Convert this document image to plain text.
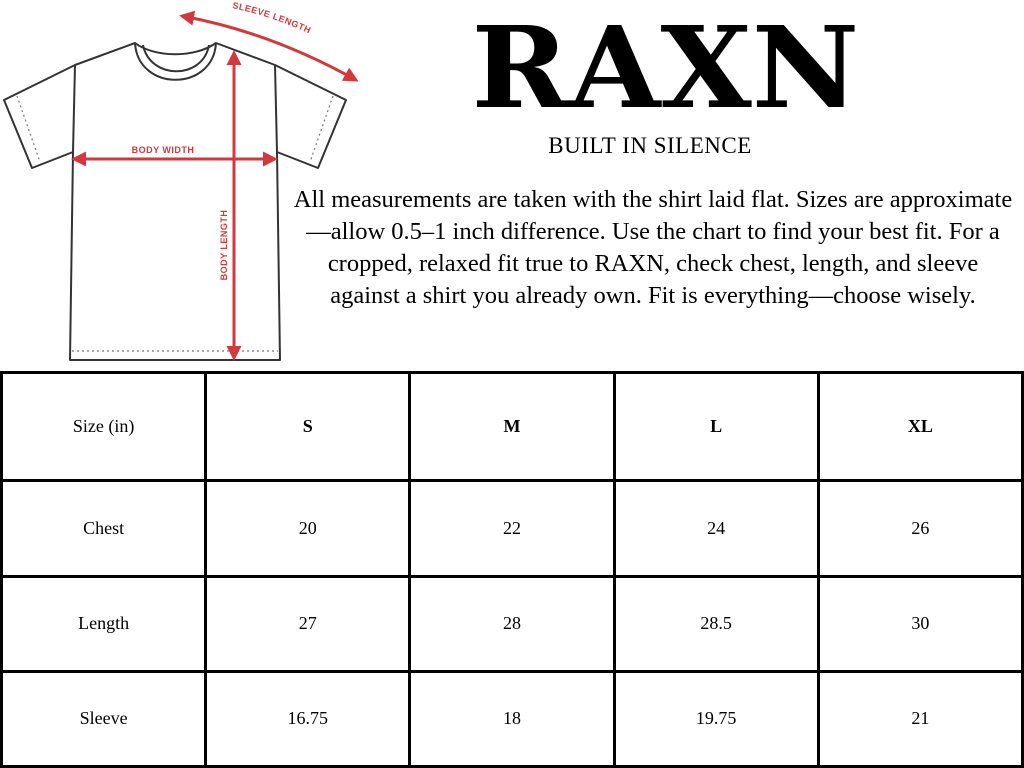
SLEEVE LENGTH
BODY WIDTH
BODY LENGTH
RAXN
BUILT IN SILENCE
All measurements are taken with the shirt laid flat. Sizes are approximate—allow 0.5–1 inch difference. Use the chart to find your best fit. For a cropped, relaxed fit true to RAXN, check chest, length, and sleeve against a shirt you already own. Fit is everything—choose wisely.
Size (in)	S	M	L	XL
Chest	20	22	24	26
Length	27	28	28.5	30
Sleeve	16.75	18	19.75	21
